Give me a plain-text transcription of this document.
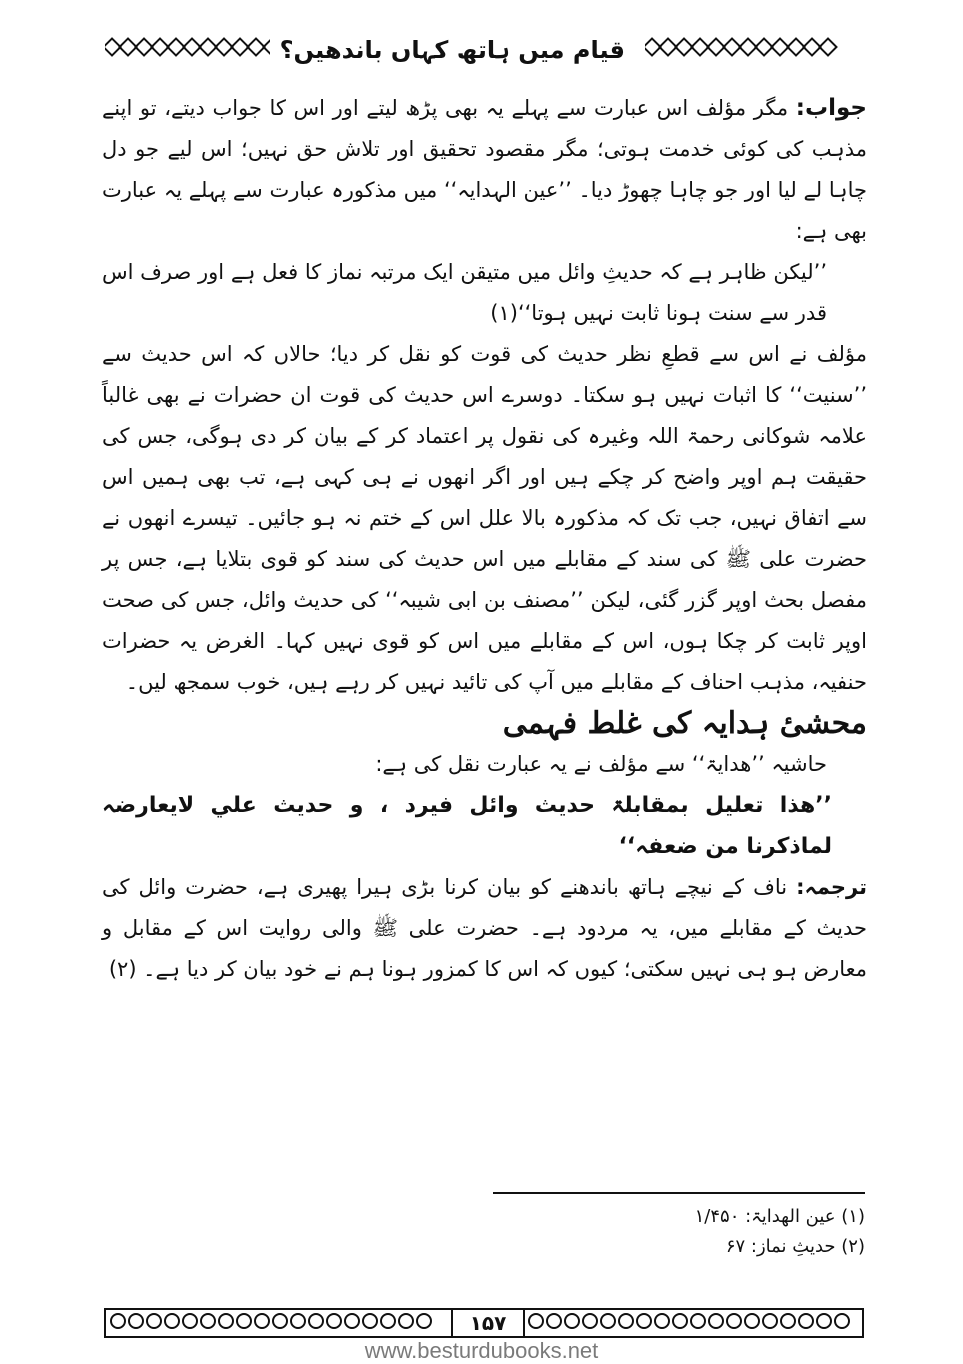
قیام میں ہاتھ کہاں باندھیں؟

جواب: مگر مؤلف اس عبارت سے پہلے یہ بھی پڑھ لیتے اور اس کا جواب دیتے، تو اپنے مذہب کی کوئی خدمت ہوتی؛ مگر مقصود تحقیق اور تلاش حق نہیں؛ اس لیے جو دل چاہا لے لیا اور جو چاہا چھوڑ دیا۔ ’’عین الہدایہ‘‘ میں مذکورہ عبارت سے پہلے یہ عبارت بھی ہے:

’’لیکن ظاہر ہے کہ حدیثِ وائل میں متیقن ایک مرتبہ نماز کا فعل ہے اور صرف اس قدر سے سنت ہونا ثابت نہیں ہوتا‘‘(۱)

مؤلف نے اس سے قطعِ نظر حدیث کی قوت کو نقل کر دیا؛ حالاں کہ اس حدیث سے ’’سنیت‘‘ کا اثبات نہیں ہو سکتا۔ دوسرے اس حدیث کی قوت ان حضرات نے بھی غالباً علامہ شوکانی رحمۃ اللہ وغیرہ کی نقول پر اعتماد کر کے بیان کر دی ہوگی، جس کی حقیقت ہم اوپر واضح کر چکے ہیں اور اگر انھوں نے ہی کہی ہے، تب بھی ہمیں اس سے اتفاق نہیں، جب تک کہ مذکورہ بالا علل اس کے ختم نہ ہو جائیں۔ تیسرے انھوں نے حضرت علی ﷺ کی سند کے مقابلے میں اس حدیث کی سند کو قوی بتلایا ہے، جس پر مفصل بحث اوپر گزر گئی، لیکن ’’مصنف بن ابی شیبہ‘‘ کی حدیث وائل، جس کی صحت اوپر ثابت کر چکا ہوں، اس کے مقابلے میں اس کو قوی نہیں کہا۔ الغرض یہ حضرات حنفیہ، مذہب احناف کے مقابلے میں آپ کی تائید نہیں کر رہے ہیں، خوب سمجھ لیں۔

محشیٔ ہدایہ کی غلط فہمی

حاشیہ ’’ھدایۃ‘‘ سے مؤلف نے یہ عبارت نقل کی ہے:

’’ھذا تعلیل بمقابلۃ حدیث وائل فیرد ، و حدیث علي لایعارضہ لماذکرنا من ضعفہ‘‘

ترجمہ: ناف کے نیچے ہاتھ باندھنے کو بیان کرنا بڑی ہیرا پھیری ہے، حضرت وائل کی حدیث کے مقابلے میں، یہ مردود ہے۔ حضرت علی ﷺ والی روایت اس کے مقابل و معارض ہو ہی نہیں سکتی؛ کیوں کہ اس کا کمزور ہونا ہم نے خود بیان کر دیا ہے۔ (۲)

(۱) عین الھدایۃ: ۱/۴۵۰
(۲) حدیثِ نماز: ۶۷
۱۵۷
www.besturdubooks.net
